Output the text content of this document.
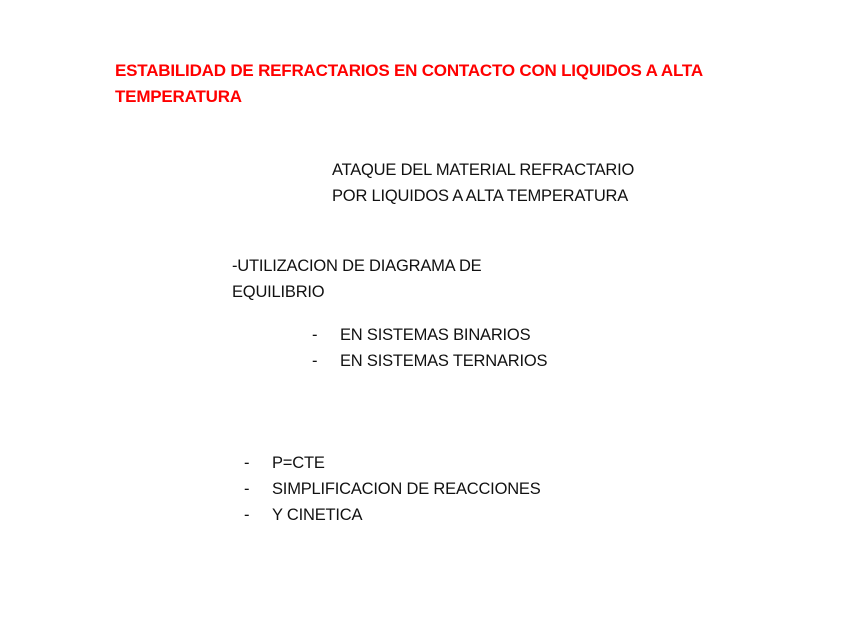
ESTABILIDAD DE REFRACTARIOS EN CONTACTO CON LIQUIDOS A ALTA TEMPERATURA
ATAQUE DEL MATERIAL REFRACTARIO
POR LIQUIDOS A ALTA TEMPERATURA
-UTILIZACION DE DIAGRAMA DE
EQUILIBRIO
-	EN SISTEMAS BINARIOS
-	EN SISTEMAS TERNARIOS
-	P=CTE
-	SIMPLIFICACION DE REACCIONES
-	Y CINETICA
